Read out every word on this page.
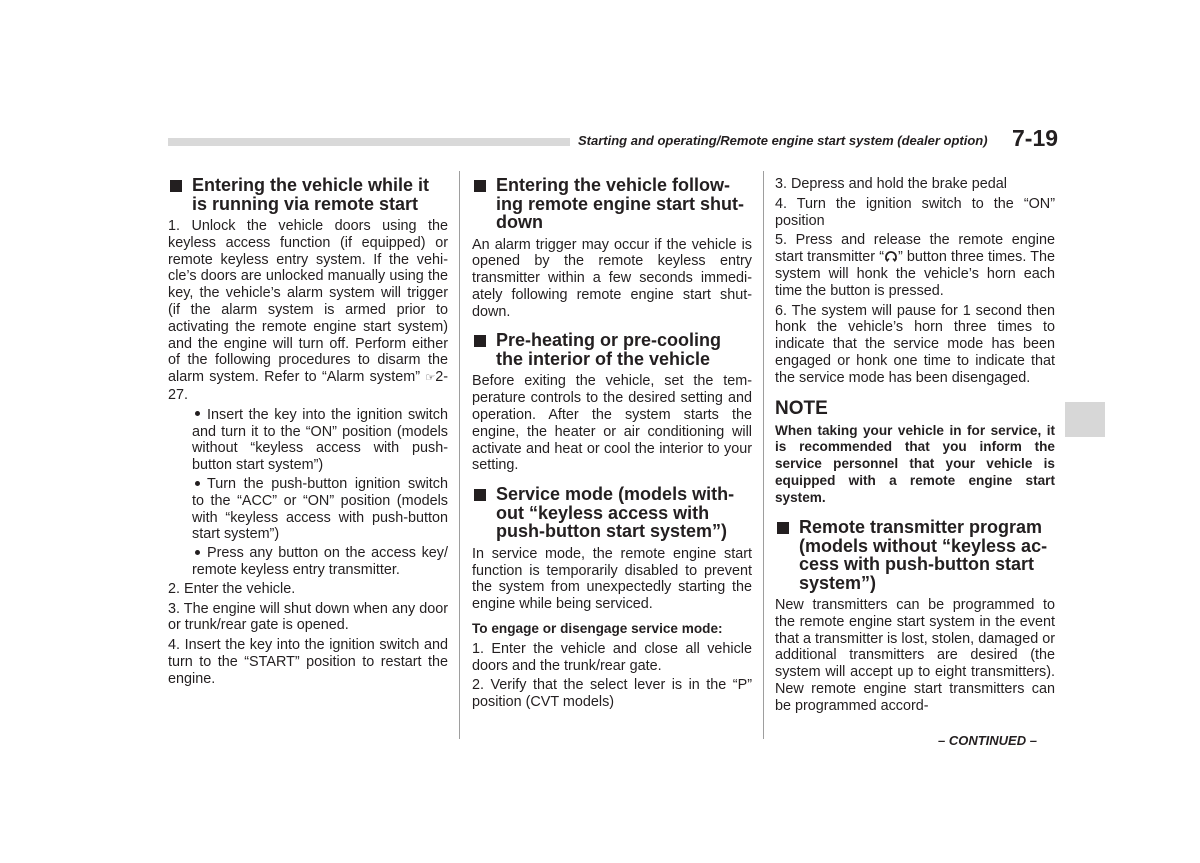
Starting and operating/Remote engine start system (dealer option) 7-19
Entering the vehicle while it is running via remote start
1. Unlock the vehicle doors using the keyless access function (if equipped) or remote keyless entry system. If the vehi-cle’s doors are unlocked manually using the key, the vehicle’s alarm system will trigger (if the alarm system is armed prior to activating the remote engine start system) and the engine will turn off. Perform either of the following procedures to disarm the alarm system. Refer to “Alarm system” ☞2-27.
Insert the key into the ignition switch and turn it to the “ON” position (models without “keyless access with push-button start system”)
Turn the push-button ignition switch to the “ACC” or “ON” position (models with “keyless access with push-button start system”)
Press any button on the access key/ remote keyless entry transmitter.
2. Enter the vehicle.
3. The engine will shut down when any door or trunk/rear gate is opened.
4. Insert the key into the ignition switch and turn to the “START” position to restart the engine.
Entering the vehicle follow-ing remote engine start shut-down
An alarm trigger may occur if the vehicle is opened by the remote keyless entry transmitter within a few seconds immedi-ately following remote engine start shut-down.
Pre-heating or pre-cooling the interior of the vehicle
Before exiting the vehicle, set the tem-perature controls to the desired setting and operation. After the system starts the engine, the heater or air conditioning will activate and heat or cool the interior to your setting.
Service mode (models with-out “keyless access with push-button start system”)
In service mode, the remote engine start function is temporarily disabled to prevent the system from unexpectedly starting the engine while being serviced.
To engage or disengage service mode:
1. Enter the vehicle and close all vehicle doors and the trunk/rear gate.
2. Verify that the select lever is in the “P” position (CVT models)
3. Depress and hold the brake pedal
4. Turn the ignition switch to the “ON” position
5. Press and release the remote engine start transmitter “ ” button three times. The system will honk the vehicle’s horn each time the button is pressed.
6. The system will pause for 1 second then honk the vehicle’s horn three times to indicate that the service mode has been engaged or honk one time to indicate that the service mode has been disengaged.
NOTE
When taking your vehicle in for service, it is recommended that you inform the service personnel that your vehicle is equipped with a remote engine start system.
Remote transmitter program (models without “keyless ac-cess with push-button start system”)
New transmitters can be programmed to the remote engine start system in the event that a transmitter is lost, stolen, damaged or additional transmitters are desired (the system will accept up to eight transmitters). New remote engine start transmitters can be programmed accord-
– CONTINUED –
